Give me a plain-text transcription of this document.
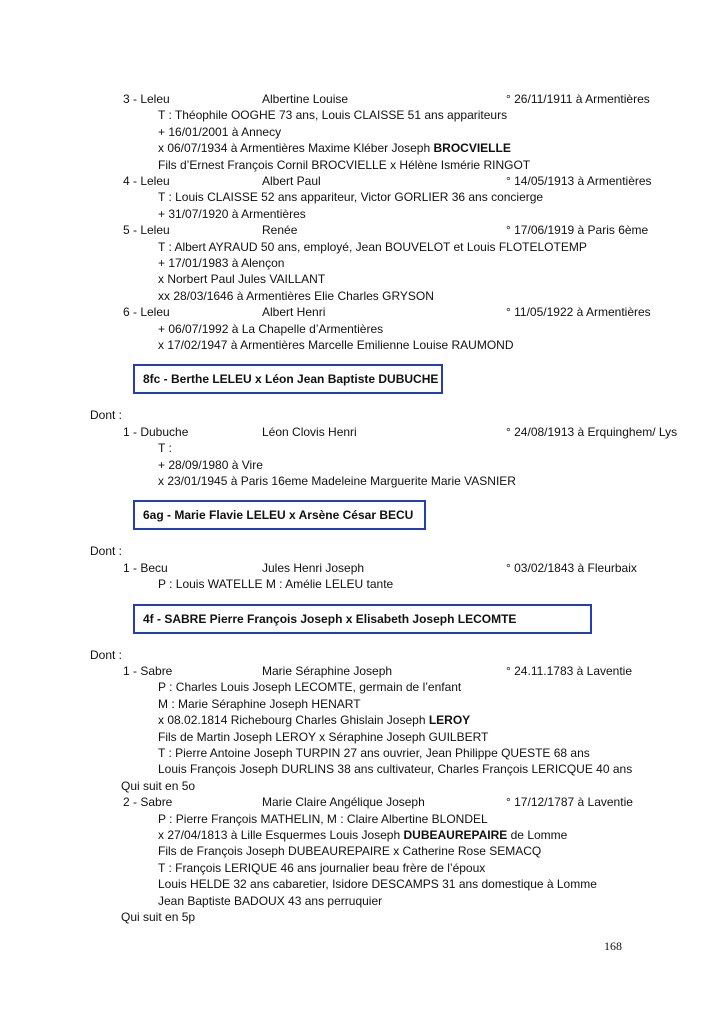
3 - Leleu	Albertine Louise	° 26/11/1911 à Armentières
T : Théophile OOGHE 73 ans, Louis CLAISSE 51 ans appariteurs
+ 16/01/2001 à Annecy
x 06/07/1934 à Armentières Maxime Kléber Joseph BROCVIELLE
Fils d’Ernest François Cornil BROCVIELLE x Hélène Ismérie RINGOT
4 - Leleu	Albert Paul	° 14/05/1913 à Armentières
T : Louis CLAISSE 52 ans appariteur, Victor GORLIER 36 ans concierge
+ 31/07/1920 à Armentières
5 - Leleu	Renée	° 17/06/1919 à Paris 6ème
T : Albert AYRAUD 50 ans, employé, Jean BOUVELOT et Louis FLOTELOTEMP
+ 17/01/1983 à Alençon
x Norbert Paul Jules VAILLANT
xx 28/03/1646 à Armentières Elie Charles GRYSON
6 - Leleu	Albert Henri	° 11/05/1922 à Armentières
+ 06/07/1992 à La Chapelle d’Armentières
x 17/02/1947 à Armentières Marcelle Emilienne Louise RAUMOND
8fc - Berthe LELEU x Léon Jean Baptiste DUBUCHE
Dont :
1 - Dubuche	Léon Clovis Henri	° 24/08/1913 à Erquinghem/ Lys
T :
+ 28/09/1980 à Vire
x 23/01/1945 à Paris 16eme Madeleine Marguerite Marie VASNIER
6ag - Marie Flavie LELEU x Arsène César BECU
Dont :
1 - Becu	Jules Henri Joseph	° 03/02/1843 à Fleurbaix
P : Louis WATELLE M : Amélie LELEU tante
4f - SABRE Pierre François Joseph x Elisabeth Joseph LECOMTE
Dont :
1 - Sabre	Marie Séraphine Joseph	° 24.11.1783 à Laventie
P : Charles Louis Joseph LECOMTE, germain de l’enfant
M : Marie Séraphine Joseph HENART
x 08.02.1814 Richebourg Charles Ghislain Joseph LEROY
Fils de Martin Joseph LEROY x Séraphine Joseph GUILBERT
T : Pierre Antoine Joseph TURPIN 27 ans ouvrier, Jean Philippe QUESTE 68 ans
Louis François Joseph DURLINS 38 ans cultivateur, Charles François LERICQUE 40 ans
Qui suit en 5o
2 - Sabre	Marie Claire Angélique Joseph	° 17/12/1787 à Laventie
P : Pierre François MATHELIN, M : Claire Albertine BLONDEL
x 27/04/1813 à Lille Esquermes Louis Joseph DUBEAUREPAIRE de Lomme
Fils de François Joseph DUBEAUREPAIRE x Catherine Rose SEMACQ
T : François LERIQUE 46 ans journalier beau frère de l’époux
Louis HELDE 32 ans cabaretier, Isidore DESCAMPS 31 ans domestique à Lomme
Jean Baptiste BADOUX 43 ans perruquier
Qui suit en 5p
168
